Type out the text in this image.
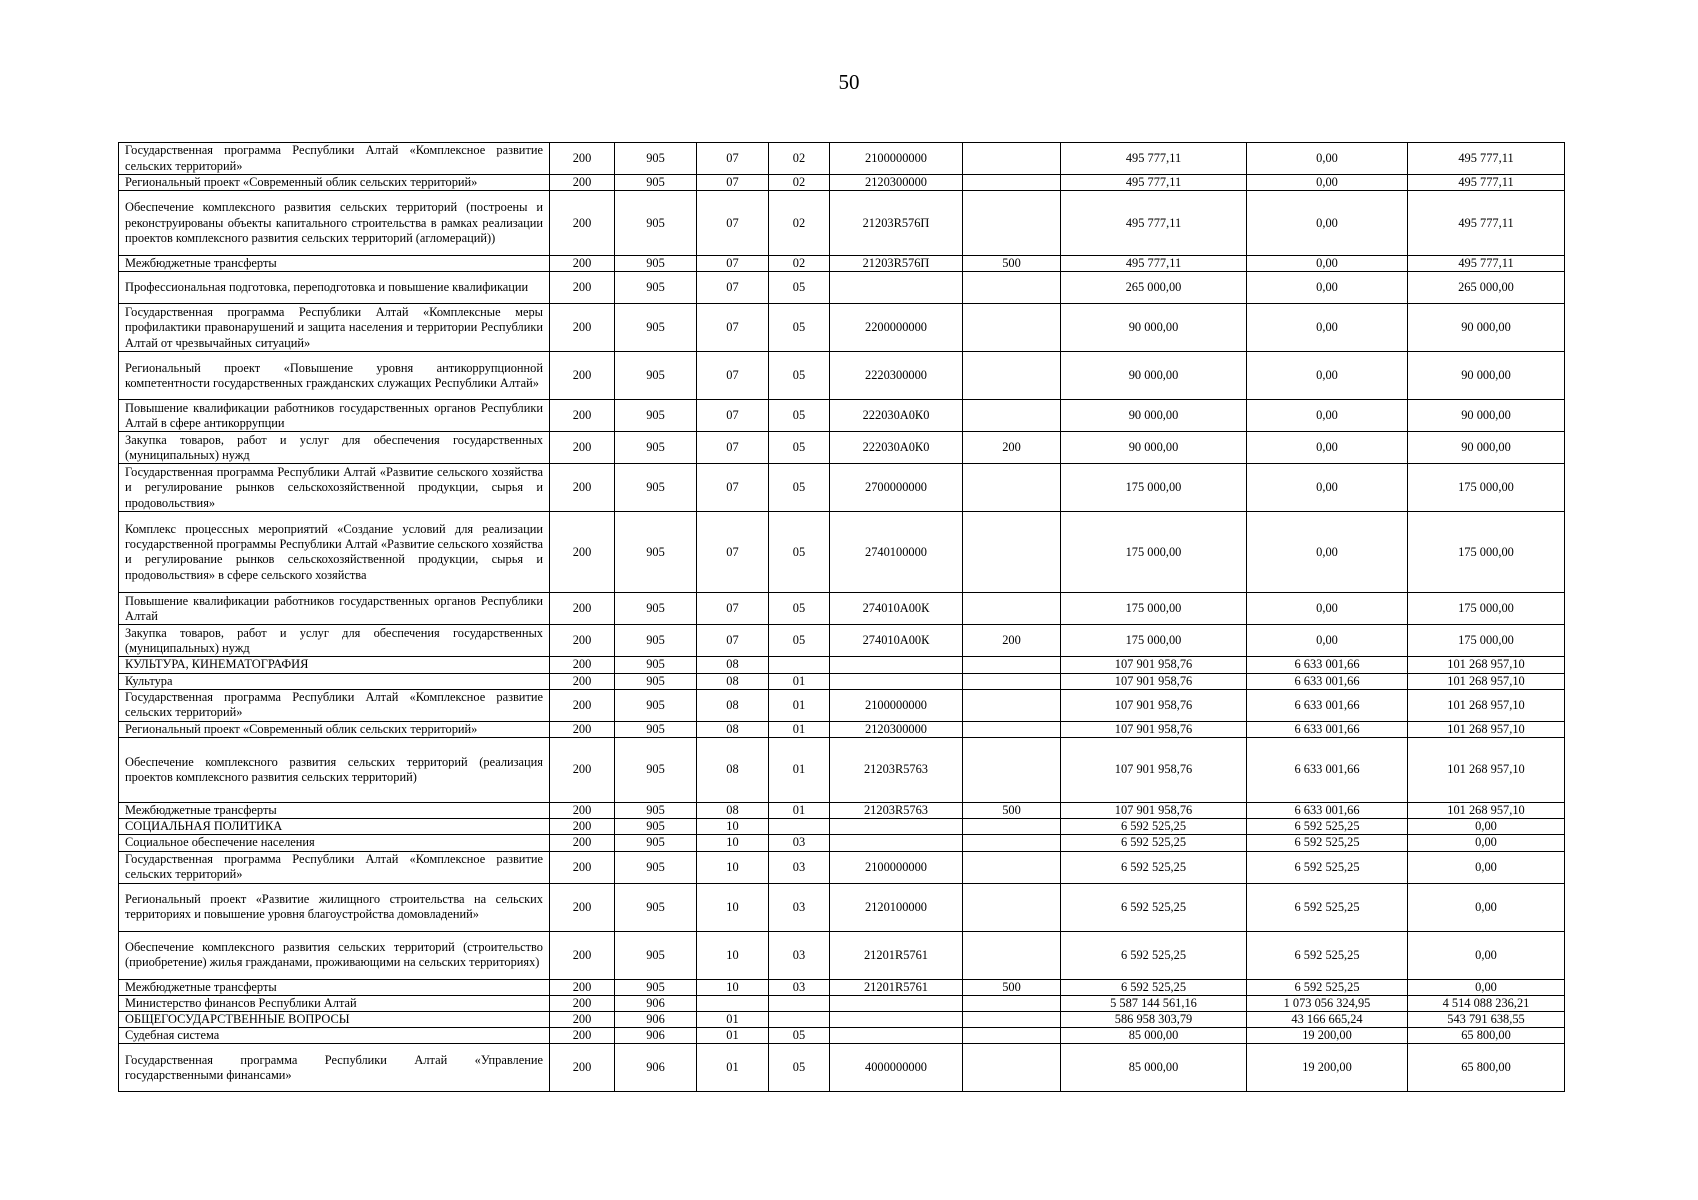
50
Государственная программа Республики Алтай «Комплексное развитие сельских территорий»	200	905	07	02	2100000000		495 777,11	0,00	495 777,11
Региональный проект «Современный облик сельских территорий»	200	905	07	02	2120300000		495 777,11	0,00	495 777,11
Обеспечение комплексного развития сельских территорий (построены и реконструированы объекты капитального строительства в рамках реализации проектов комплексного развития сельских территорий (агломераций))	200	905	07	02	21203R576П		495 777,11	0,00	495 777,11
Межбюджетные трансферты	200	905	07	02	21203R576П	500	495 777,11	0,00	495 777,11
Профессиональная подготовка, переподготовка и повышение квалификации	200	905	07	05			265 000,00	0,00	265 000,00
Государственная программа Республики Алтай «Комплексные меры профилактики правонарушений и защита населения и территории Республики Алтай от чрезвычайных ситуаций»	200	905	07	05	2200000000		90 000,00	0,00	90 000,00
Региональный проект «Повышение уровня антикоррупционной компетентности государственных гражданских служащих Республики Алтай»	200	905	07	05	2220300000		90 000,00	0,00	90 000,00
Повышение квалификации работников государственных органов Республики Алтай в сфере антикоррупции	200	905	07	05	222030А0К0		90 000,00	0,00	90 000,00
Закупка товаров, работ и услуг для обеспечения государственных (муниципальных) нужд	200	905	07	05	222030А0К0	200	90 000,00	0,00	90 000,00
Государственная программа Республики Алтай «Развитие сельского хозяйства и регулирование рынков сельскохозяйственной продукции, сырья и продовольствия»	200	905	07	05	2700000000		175 000,00	0,00	175 000,00
Комплекс процессных мероприятий «Создание условий для реализации государственной программы Республики Алтай «Развитие сельского хозяйства и регулирование рынков сельскохозяйственной продукции, сырья и продовольствия» в сфере сельского хозяйства	200	905	07	05	2740100000		175 000,00	0,00	175 000,00
Повышение квалификации работников государственных органов Республики Алтай	200	905	07	05	274010А00К		175 000,00	0,00	175 000,00
Закупка товаров, работ и услуг для обеспечения государственных (муниципальных) нужд	200	905	07	05	274010А00К	200	175 000,00	0,00	175 000,00
КУЛЬТУРА, КИНЕМАТОГРАФИЯ	200	905	08				107 901 958,76	6 633 001,66	101 268 957,10
Культура	200	905	08	01			107 901 958,76	6 633 001,66	101 268 957,10
Государственная программа Республики Алтай «Комплексное развитие сельских территорий»	200	905	08	01	2100000000		107 901 958,76	6 633 001,66	101 268 957,10
Региональный проект «Современный облик сельских территорий»	200	905	08	01	2120300000		107 901 958,76	6 633 001,66	101 268 957,10
Обеспечение комплексного развития сельских территорий (реализация проектов комплексного развития сельских территорий)	200	905	08	01	21203R5763		107 901 958,76	6 633 001,66	101 268 957,10
Межбюджетные трансферты	200	905	08	01	21203R5763	500	107 901 958,76	6 633 001,66	101 268 957,10
СОЦИАЛЬНАЯ ПОЛИТИКА	200	905	10				6 592 525,25	6 592 525,25	0,00
Социальное обеспечение населения	200	905	10	03			6 592 525,25	6 592 525,25	0,00
Государственная программа Республики Алтай «Комплексное развитие сельских территорий»	200	905	10	03	2100000000		6 592 525,25	6 592 525,25	0,00
Региональный проект «Развитие жилищного строительства на сельских территориях и повышение уровня благоустройства домовладений»	200	905	10	03	2120100000		6 592 525,25	6 592 525,25	0,00
Обеспечение комплексного развития сельских территорий (строительство (приобретение) жилья гражданами, проживающими на сельских территориях)	200	905	10	03	21201R5761		6 592 525,25	6 592 525,25	0,00
Межбюджетные трансферты	200	905	10	03	21201R5761	500	6 592 525,25	6 592 525,25	0,00
Министерство финансов Республики Алтай	200	906					5 587 144 561,16	1 073 056 324,95	4 514 088 236,21
ОБЩЕГОСУДАРСТВЕННЫЕ ВОПРОСЫ	200	906	01				586 958 303,79	43 166 665,24	543 791 638,55
Судебная система	200	906	01	05			85 000,00	19 200,00	65 800,00
Государственная программа Республики Алтай «Управление государственными финансами»	200	906	01	05	4000000000		85 000,00	19 200,00	65 800,00
